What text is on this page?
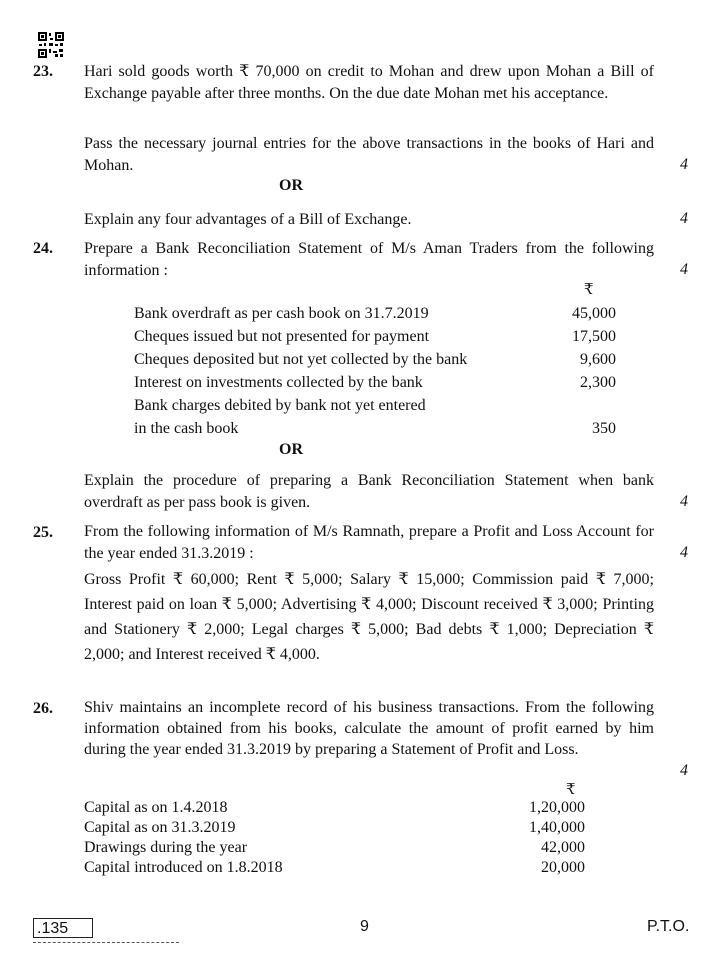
23. Hari sold goods worth ₹ 70,000 on credit to Mohan and drew upon Mohan a Bill of Exchange payable after three months. On the due date Mohan met his acceptance.
Pass the necessary journal entries for the above transactions in the books of Hari and Mohan.	4
OR
Explain any four advantages of a Bill of Exchange.	4
24. Prepare a Bank Reconciliation Statement of M/s Aman Traders from the following information :	4
₹
Bank overdraft as per cash book on 31.7.2019	45,000
Cheques issued but not presented for payment	17,500
Cheques deposited but not yet collected by the bank	9,600
Interest on investments collected by the bank	2,300
Bank charges debited by bank not yet entered
in the cash book	350
OR
Explain the procedure of preparing a Bank Reconciliation Statement when bank overdraft as per pass book is given.	4
25. From the following information of M/s Ramnath, prepare a Profit and Loss Account for the year ended 31.3.2019 :	4
Gross Profit ₹ 60,000; Rent ₹ 5,000; Salary ₹ 15,000; Commission paid ₹ 7,000; Interest paid on loan ₹ 5,000; Advertising ₹ 4,000; Discount received ₹ 3,000; Printing and Stationery ₹ 2,000; Legal charges ₹ 5,000; Bad debts ₹ 1,000; Depreciation ₹ 2,000; and Interest received ₹ 4,000.
26. Shiv maintains an incomplete record of his business transactions. From the following information obtained from his books, calculate the amount of profit earned by him during the year ended 31.3.2019 by preparing a Statement of Profit and Loss.
4
₹
Capital as on 1.4.2018	1,20,000
Capital as on 31.3.2019	1,40,000
Drawings during the year	42,000
Capital introduced on 1.8.2018	20,000
.135	9	P.T.O.
